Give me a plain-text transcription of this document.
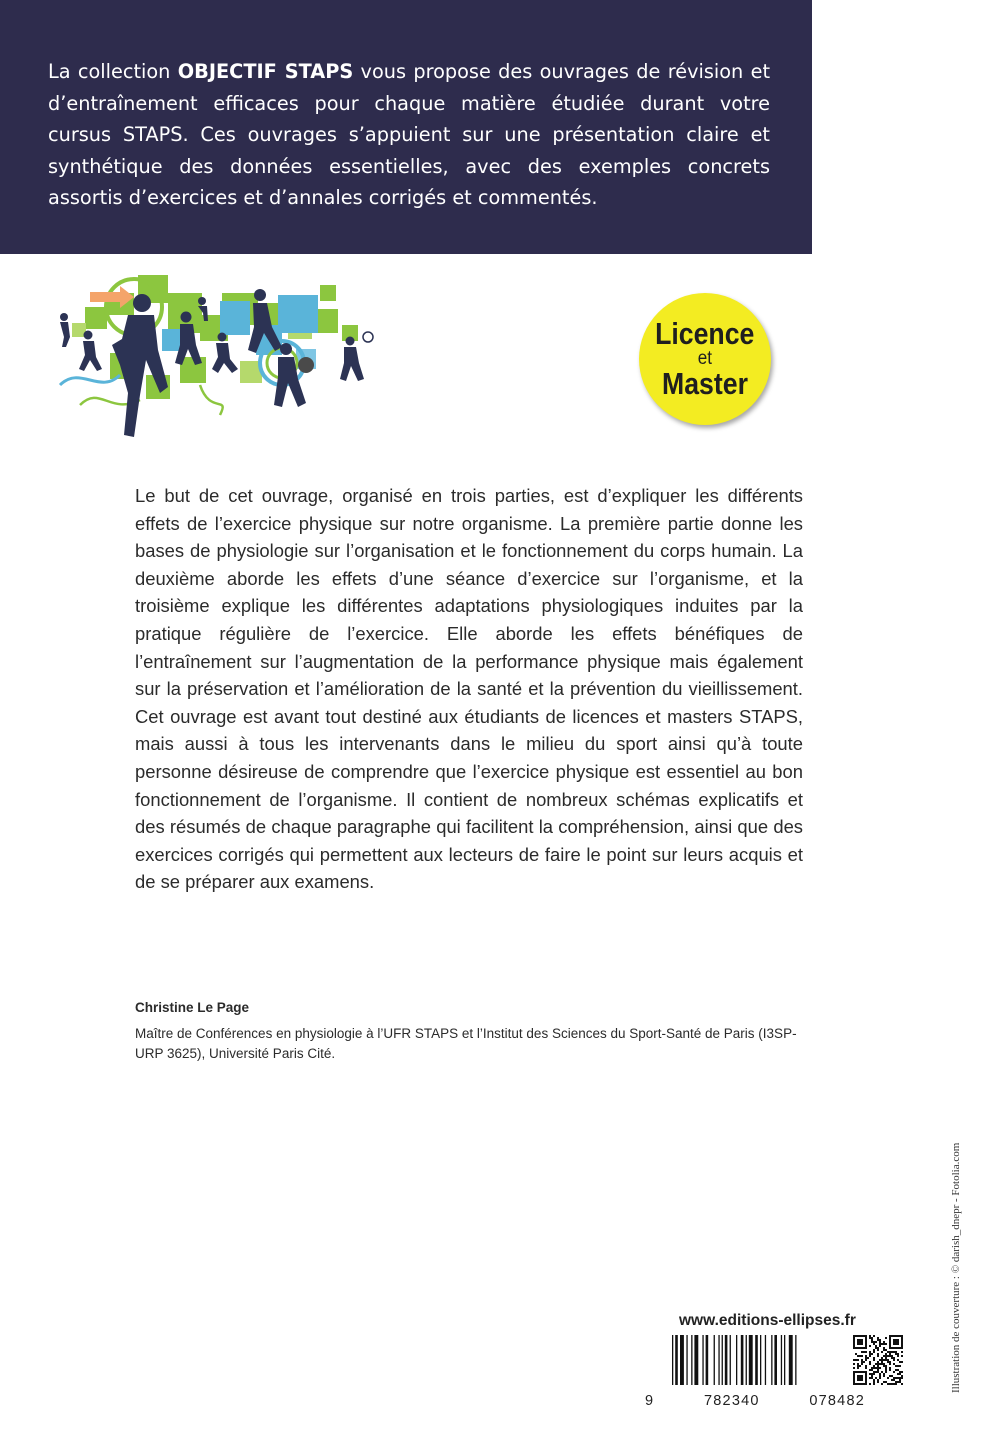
La collection OBJECTIF STAPS vous propose des ouvrages de révision et d’entraînement efficaces pour chaque matière étudiée durant votre cursus STAPS. Ces ouvrages s’appuient sur une présentation claire et synthétique des données essentielles, avec des exemples concrets assortis d’exercices et d’annales corrigés et commentés.

Licence
et
Master

Le but de cet ouvrage, organisé en trois parties, est d’expliquer les différents effets de l’exercice physique sur notre organisme. La première partie donne les bases de physiologie sur l’organisation et le fonctionnement du corps humain. La deuxième aborde les effets d’une séance d’exercice sur l’organisme, et la troisième explique les différentes adaptations physiologiques induites par la pratique régulière de l’exercice. Elle aborde les effets bénéfiques de l’entraînement sur l’augmentation de la performance physique mais également sur la préservation et l’amélioration de la santé et la prévention du vieillissement. Cet ouvrage est avant tout destiné aux étudiants de licences et masters STAPS, mais aussi à tous les intervenants dans le milieu du sport ainsi qu’à toute personne désireuse de comprendre que l’exercice physique est essentiel au bon fonctionnement de l’organisme. Il contient de nombreux schémas explicatifs et des résumés de chaque paragraphe qui facilitent la compréhension, ainsi que des exercices corrigés qui permettent aux lecteurs de faire le point sur leurs acquis et de se préparer aux examens.

Christine Le Page

Maître de Conférences en physiologie à l’UFR STAPS et l’Institut des Sciences du Sport-Santé de Paris (I3SP-URP 3625), Université Paris Cité.

Illustration de couverture : © darish_dnepr - Fotolia.com
www.editions-ellipses.fr
9	782340	078482
